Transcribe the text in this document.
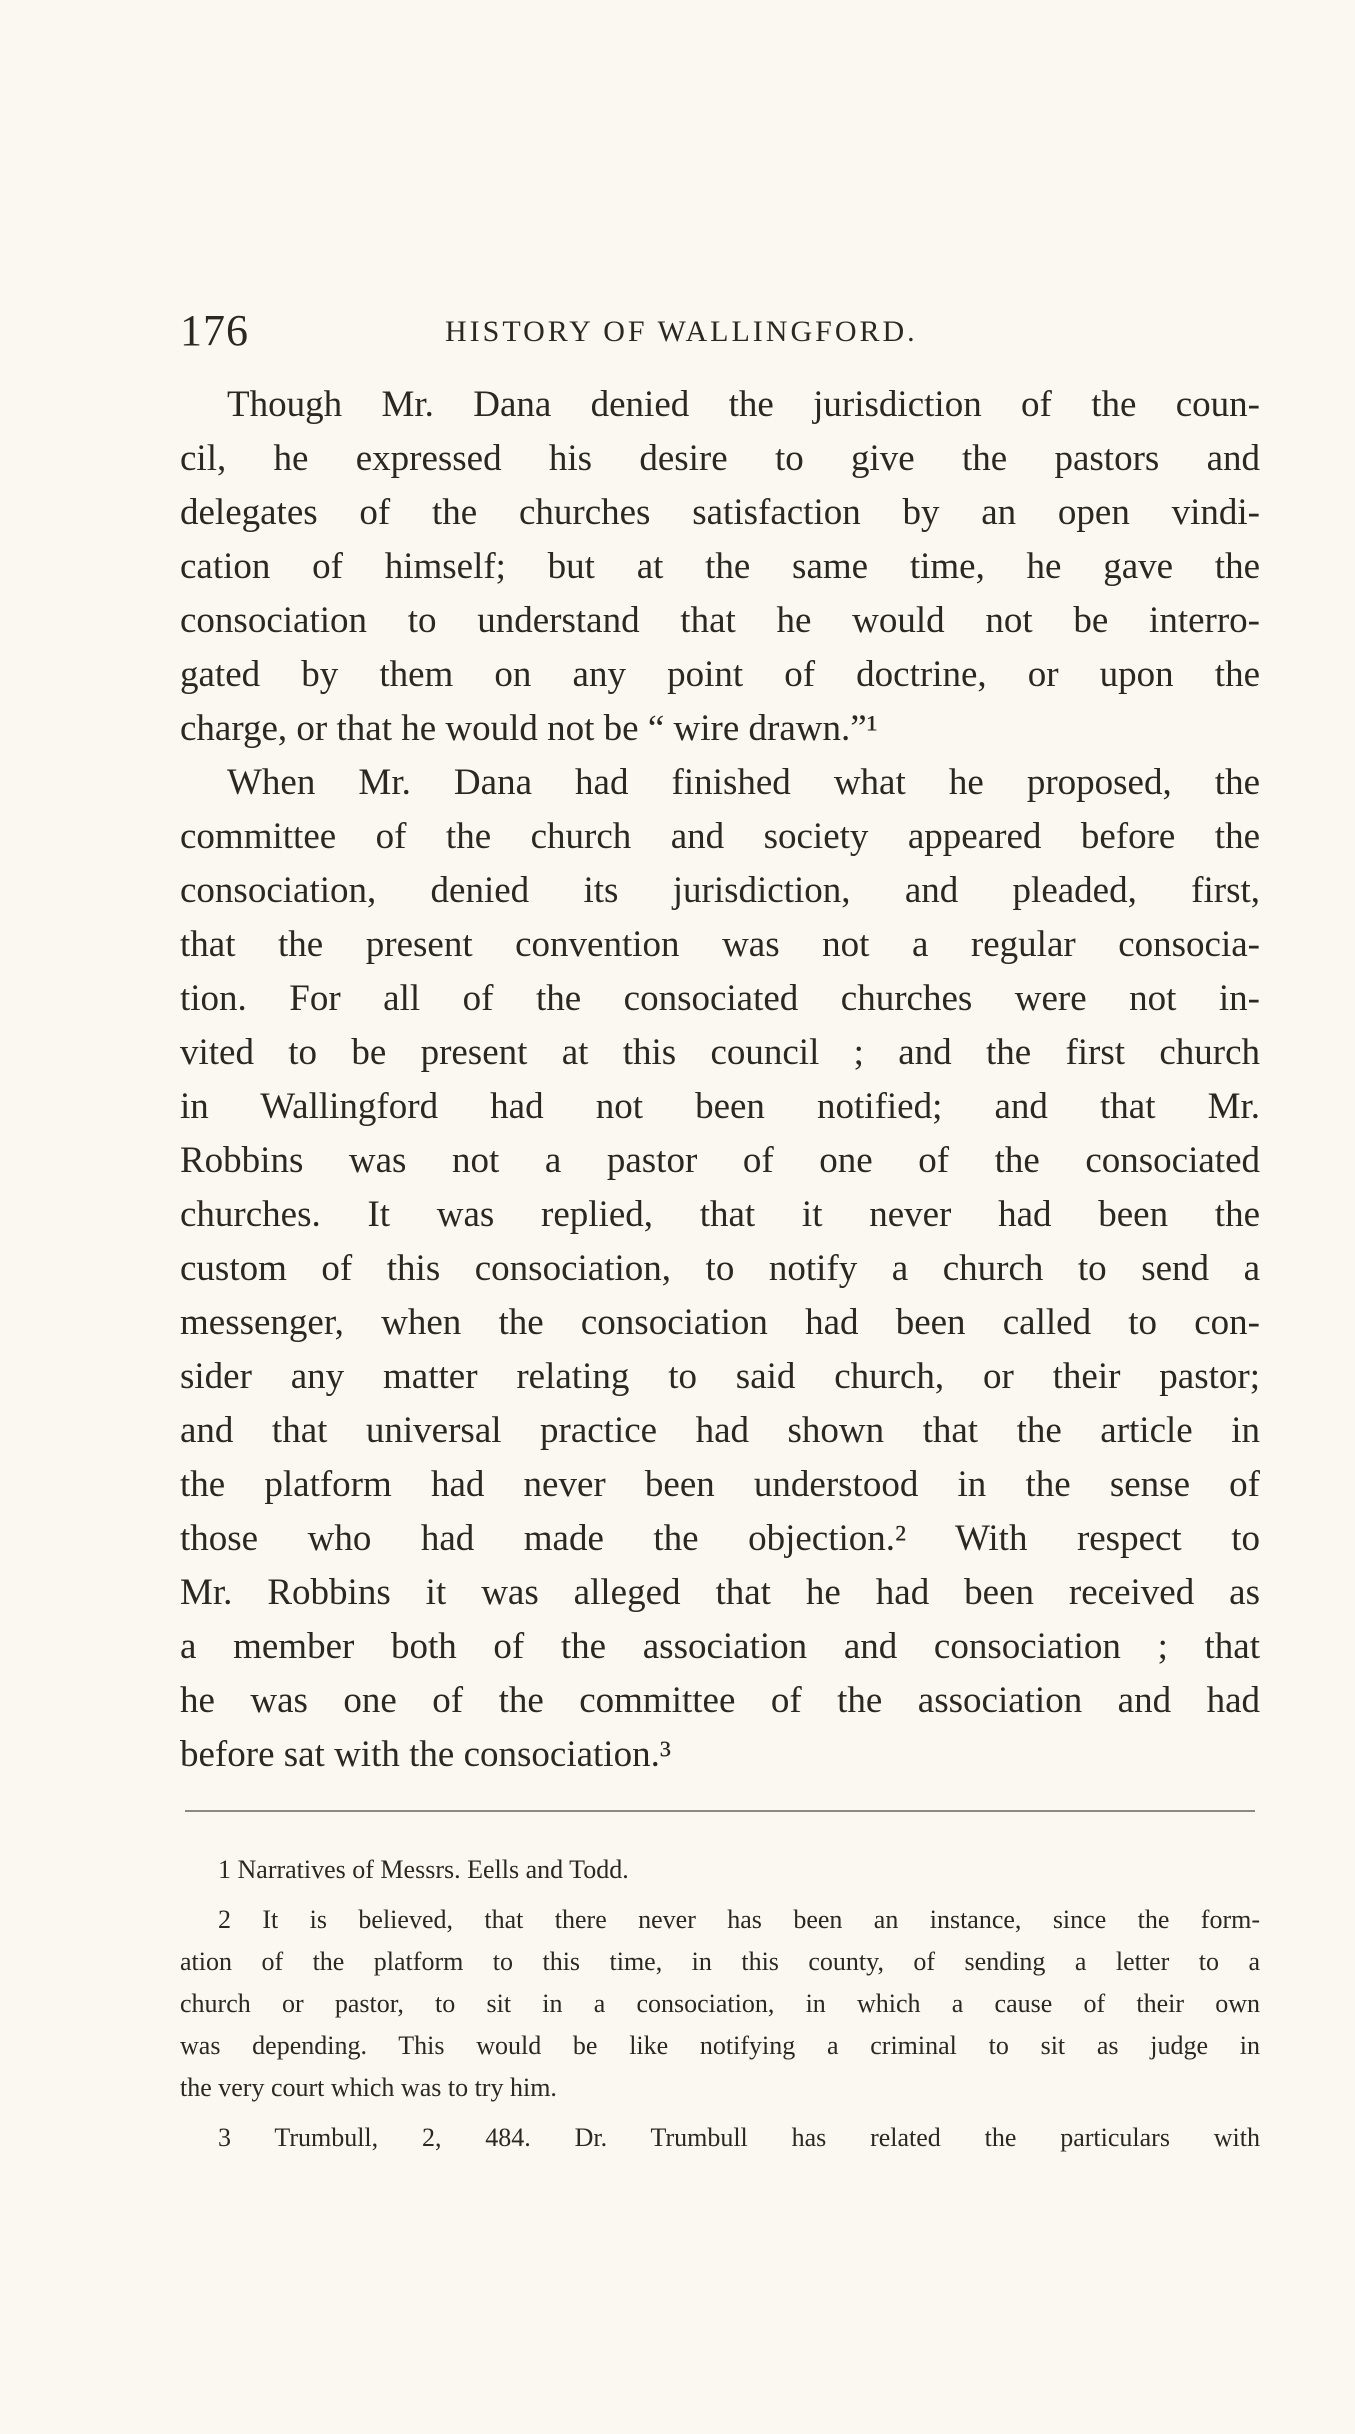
176	HISTORY OF WALLINGFORD.
Though Mr. Dana denied the jurisdiction of the coun-
cil, he expressed his desire to give the pastors and
delegates of the churches satisfaction by an open vindi-
cation of himself; but at the same time, he gave the
consociation to understand that he would not be interro-
gated by them on any point of doctrine, or upon the
charge, or that he would not be “ wire drawn.”¹
When Mr. Dana had finished what he proposed, the
committee of the church and society appeared before the
consociation, denied its jurisdiction, and pleaded, first,
that the present convention was not a regular consocia-
tion. For all of the consociated churches were not in-
vited to be present at this council ; and the first church
in Wallingford had not been notified; and that Mr.
Robbins was not a pastor of one of the consociated
churches. It was replied, that it never had been the
custom of this consociation, to notify a church to send a
messenger, when the consociation had been called to con-
sider any matter relating to said church, or their pastor;
and that universal practice had shown that the article in
the platform had never been understood in the sense of
those who had made the objection.² With respect to
Mr. Robbins it was alleged that he had been received as
a member both of the association and consociation ; that
he was one of the committee of the association and had
before sat with the consociation.³
1 Narratives of Messrs. Eells and Todd.
2 It is believed, that there never has been an instance, since the form-
ation of the platform to this time, in this county, of sending a letter to a
church or pastor, to sit in a consociation, in which a cause of their own
was depending. This would be like notifying a criminal to sit as judge in
the very court which was to try him.
3 Trumbull, 2, 484. Dr. Trumbull has related the particulars with
